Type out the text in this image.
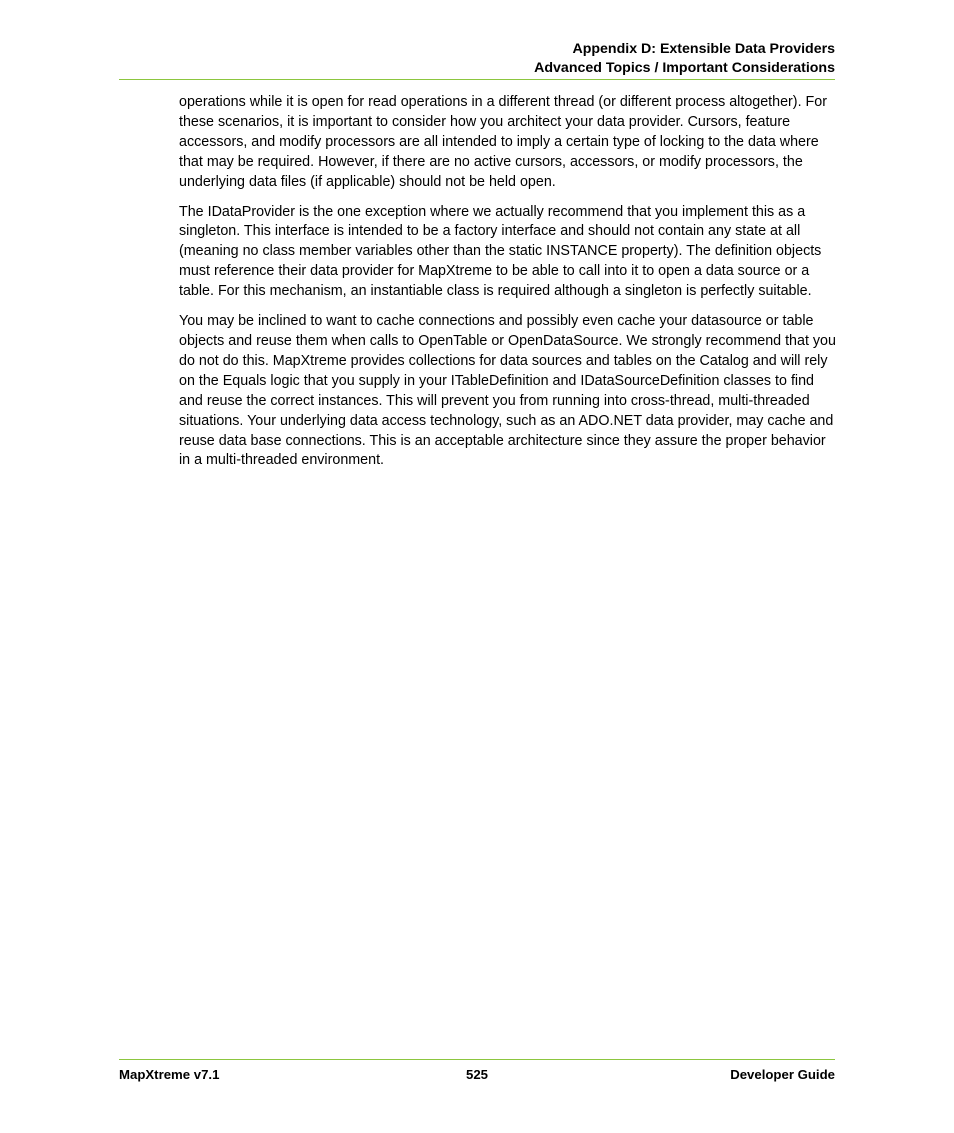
Appendix D: Extensible Data Providers
Advanced Topics / Important Considerations

operations while it is open for read operations in a different thread (or different process altogether). For these scenarios, it is important to consider how you architect your data provider. Cursors, feature accessors, and modify processors are all intended to imply a certain type of locking to the data where that may be required. However, if there are no active cursors, accessors, or modify processors, the underlying data files (if applicable) should not be held open.

The IDataProvider is the one exception where we actually recommend that you implement this as a singleton. This interface is intended to be a factory interface and should not contain any state at all (meaning no class member variables other than the static INSTANCE property). The definition objects must reference their data provider for MapXtreme to be able to call into it to open a data source or a table. For this mechanism, an instantiable class is required although a singleton is perfectly suitable.

You may be inclined to want to cache connections and possibly even cache your datasource or table objects and reuse them when calls to OpenTable or OpenDataSource. We strongly recommend that you do not do this. MapXtreme provides collections for data sources and tables on the Catalog and will rely on the Equals logic that you supply in your ITableDefinition and IDataSourceDefinition classes to find and reuse the correct instances. This will prevent you from running into cross-thread, multi-threaded situations. Your underlying data access technology, such as an ADO.NET data provider, may cache and reuse data base connections. This is an acceptable architecture since they assure the proper behavior in a multi-threaded environment.

525
MapXtreme v7.1	Developer Guide
